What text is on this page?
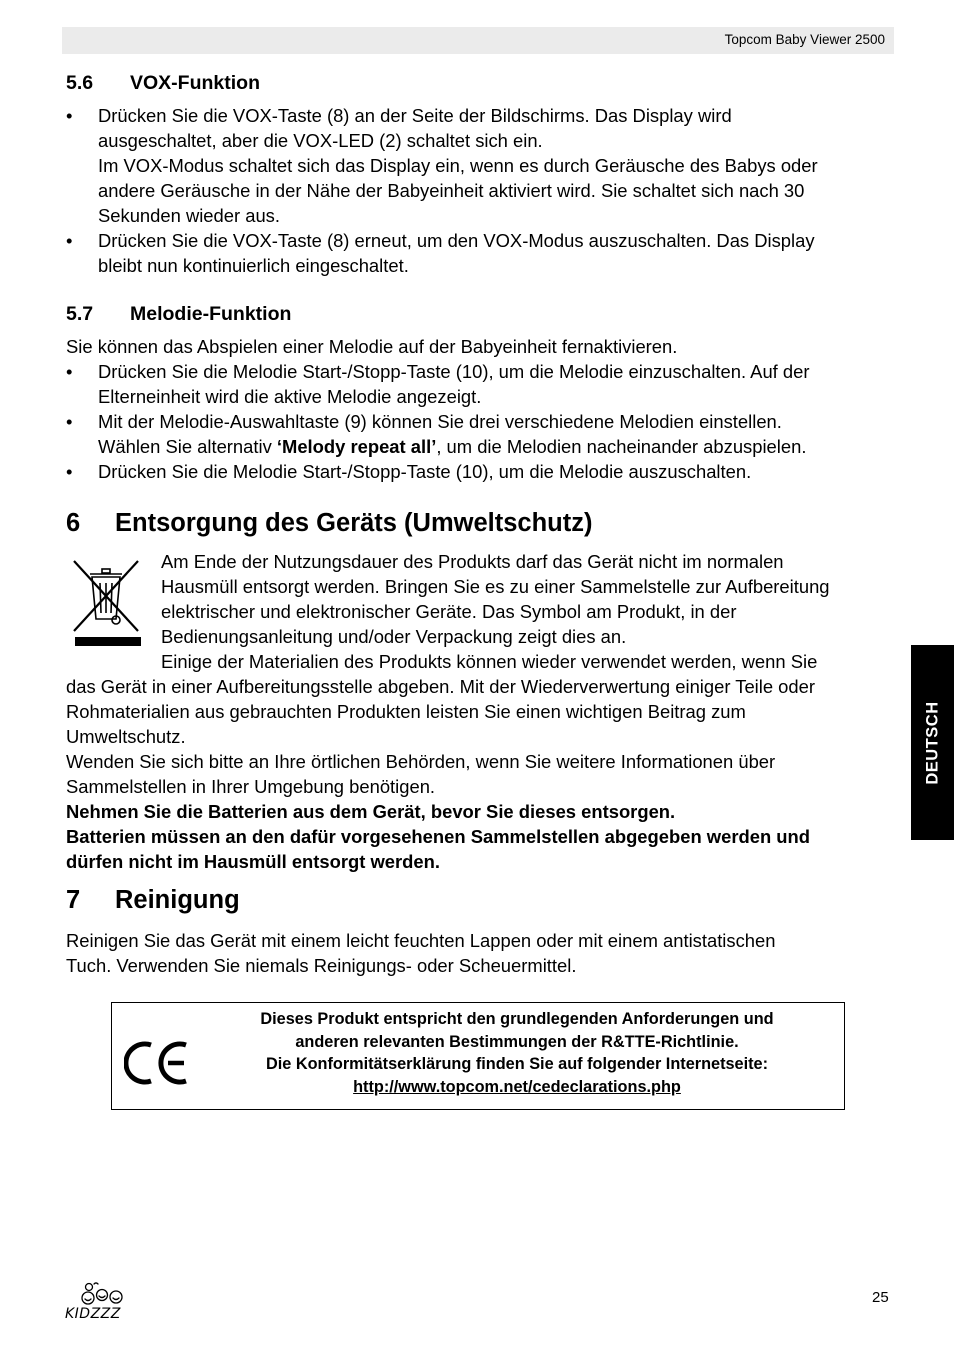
Topcom Baby Viewer 2500
5.6 VOX-Funktion
• Drücken Sie die VOX-Taste (8) an der Seite der Bildschirms. Das Display wird
ausgeschaltet, aber die VOX-LED (2) schaltet sich ein.
Im VOX-Modus schaltet sich das Display ein, wenn es durch Geräusche des Babys oder
andere Geräusche in der Nähe der Babyeinheit aktiviert wird. Sie schaltet sich nach 30
Sekunden wieder aus.
• Drücken Sie die VOX-Taste (8) erneut, um den VOX-Modus auszuschalten. Das Display
bleibt nun kontinuierlich eingeschaltet.
5.7 Melodie-Funktion
Sie können das Abspielen einer Melodie auf der Babyeinheit fernaktivieren.
• Drücken Sie die Melodie Start-/Stopp-Taste (10), um die Melodie einzuschalten. Auf der
Elterneinheit wird die aktive Melodie angezeigt.
• Mit der Melodie-Auswahltaste (9) können Sie drei verschiedene Melodien einstellen.
Wählen Sie alternativ ‘Melody repeat all’, um die Melodien nacheinander abzuspielen.
• Drücken Sie die Melodie Start-/Stopp-Taste (10), um die Melodie auszuschalten.
6 Entsorgung des Geräts (Umweltschutz)
Am Ende der Nutzungsdauer des Produkts darf das Gerät nicht im normalen
Hausmüll entsorgt werden. Bringen Sie es zu einer Sammelstelle zur Aufbereitung
elektrischer und elektronischer Geräte. Das Symbol am Produkt, in der
Bedienungsanleitung und/oder Verpackung zeigt dies an.
Einige der Materialien des Produkts können wieder verwendet werden, wenn Sie
das Gerät in einer Aufbereitungsstelle abgeben. Mit der Wiederverwertung einiger Teile oder
Rohmaterialien aus gebrauchten Produkten leisten Sie einen wichtigen Beitrag zum
Umweltschutz.
Wenden Sie sich bitte an Ihre örtlichen Behörden, wenn Sie weitere Informationen über
Sammelstellen in Ihrer Umgebung benötigen.
Nehmen Sie die Batterien aus dem Gerät, bevor Sie dieses entsorgen.
Batterien müssen an den dafür vorgesehenen Sammelstellen abgegeben werden und
dürfen nicht im Hausmüll entsorgt werden.
7 Reinigung
Reinigen Sie das Gerät mit einem leicht feuchten Lappen oder mit einem antistatischen
Tuch. Verwenden Sie niemals Reinigungs- oder Scheuermittel.
Dieses Produkt entspricht den grundlegenden Anforderungen und
anderen relevanten Bestimmungen der R&TTE-Richtlinie.
Die Konformitätserklärung finden Sie auf folgender Internetseite:
http://www.topcom.net/cedeclarations.php
DEUTSCH
KIDZZZ
25
